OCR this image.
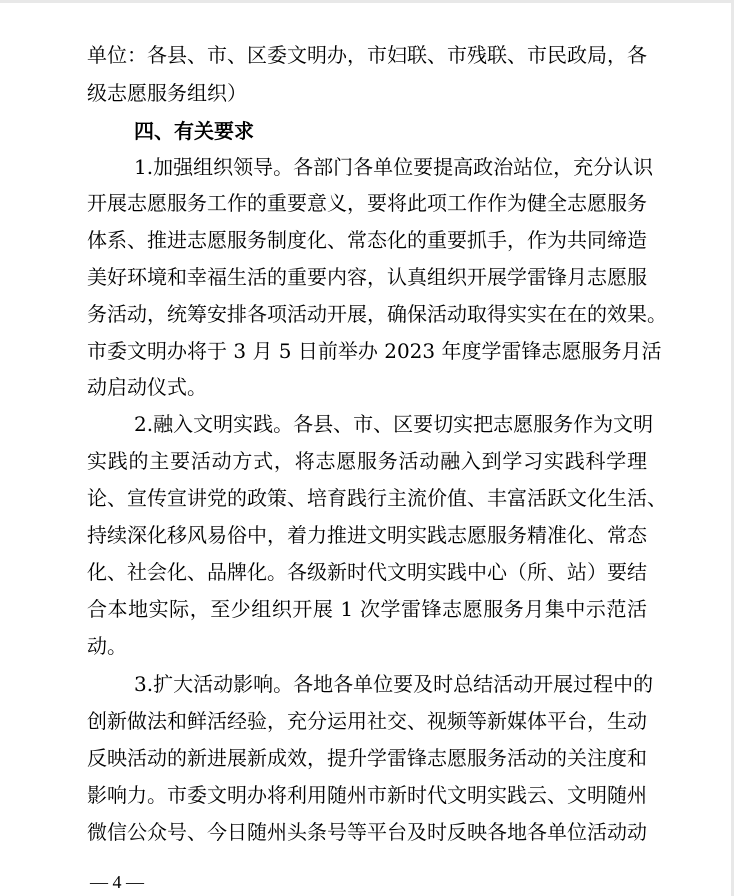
单位：各县、市、区委文明办，市妇联、市残联、市民政局，各
级志愿服务组织）
四、有关要求
1.加强组织领导。各部门各单位要提高政治站位，充分认识
开展志愿服务工作的重要意义，要将此项工作作为健全志愿服务
体系、推进志愿服务制度化、常态化的重要抓手，作为共同缔造
美好环境和幸福生活的重要内容，认真组织开展学雷锋月志愿服
务活动，统筹安排各项活动开展，确保活动取得实实在在的效果。
市委文明办将于 3 月 5 日前举办 2023 年度学雷锋志愿服务月活
动启动仪式。
2.融入文明实践。各县、市、区要切实把志愿服务作为文明
实践的主要活动方式，将志愿服务活动融入到学习实践科学理
论、宣传宣讲党的政策、培育践行主流价值、丰富活跃文化生活、
持续深化移风易俗中，着力推进文明实践志愿服务精准化、常态
化、社会化、品牌化。各级新时代文明实践中心（所、站）要结
合本地实际，至少组织开展 1 次学雷锋志愿服务月集中示范活
动。
3.扩大活动影响。各地各单位要及时总结活动开展过程中的
创新做法和鲜活经验，充分运用社交、视频等新媒体平台，生动
反映活动的新进展新成效，提升学雷锋志愿服务活动的关注度和
影响力。市委文明办将利用随州市新时代文明实践云、文明随州
微信公众号、今日随州头条号等平台及时反映各地各单位活动动
— 4 —
